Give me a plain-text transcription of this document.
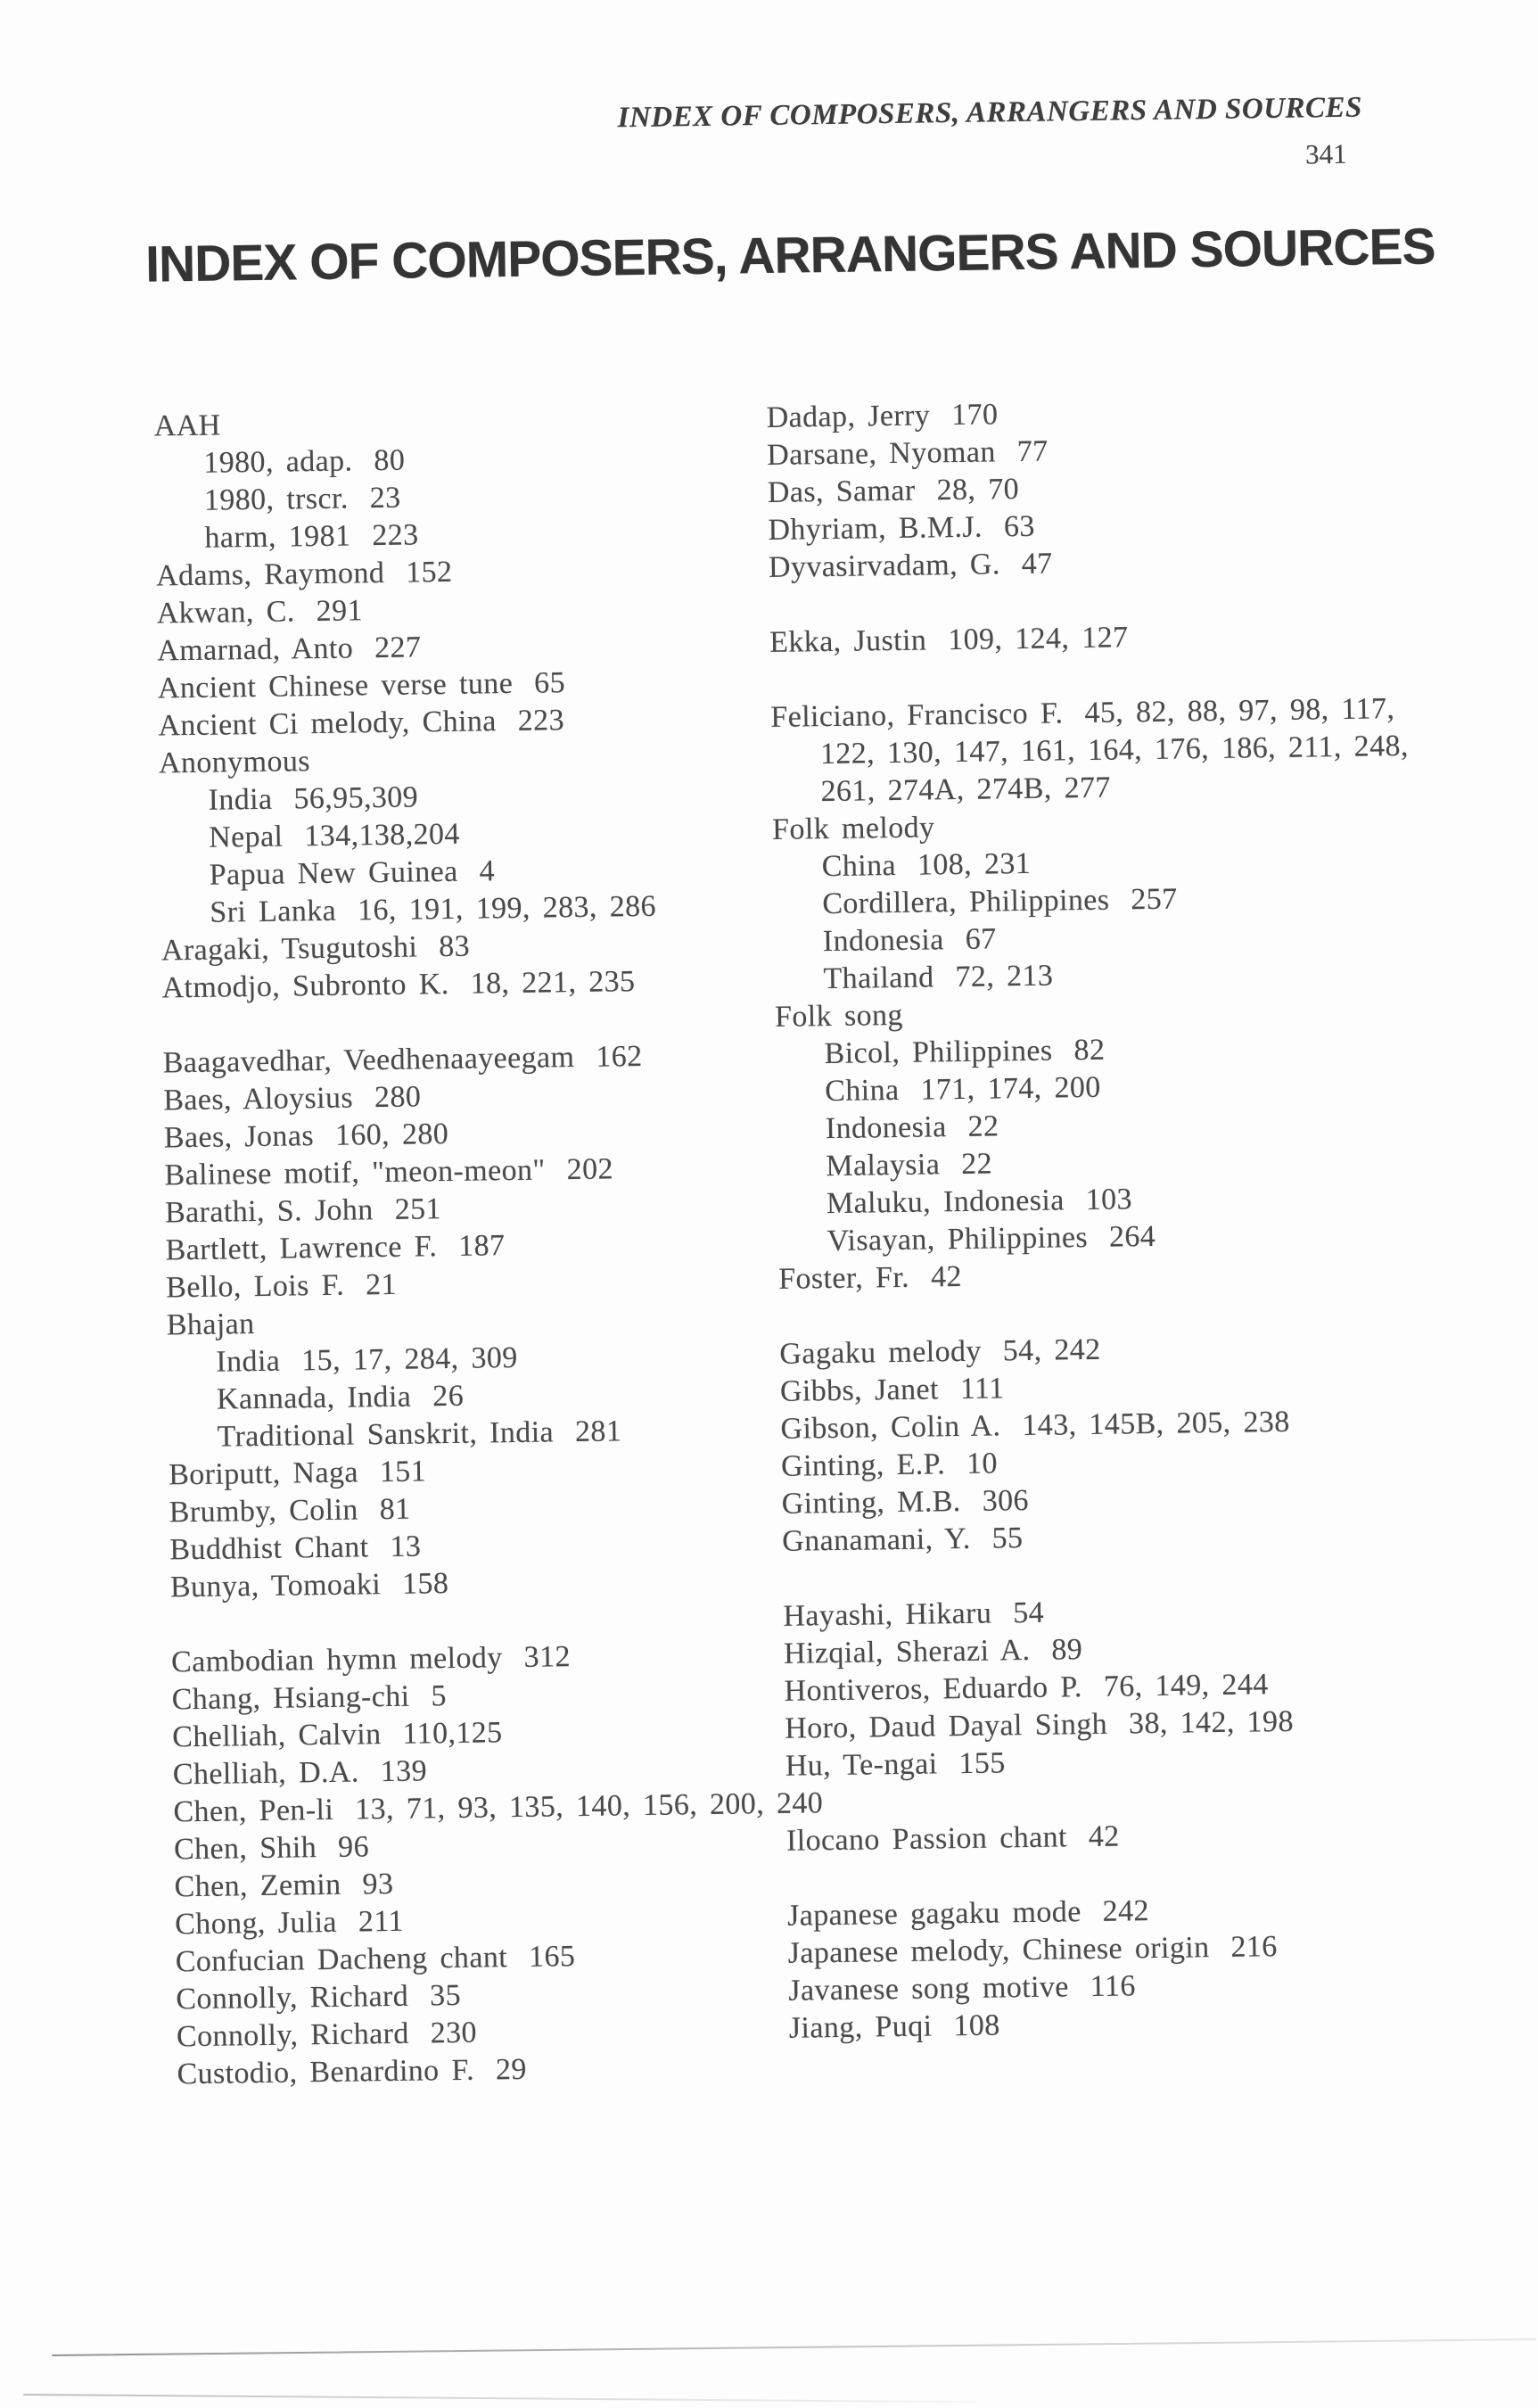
INDEX OF COMPOSERS, ARRANGERS AND SOURCES
341
INDEX OF COMPOSERS, ARRANGERS AND SOURCES
AAH
1980, adap. 80
1980, trscr. 23
harm, 1981 223
Adams, Raymond 152
Akwan, C. 291
Amarnad, Anto 227
Ancient Chinese verse tune 65
Ancient Ci melody, China 223
Anonymous
India 56,95,309
Nepal 134,138,204
Papua New Guinea 4
Sri Lanka 16, 191, 199, 283, 286
Aragaki, Tsugutoshi 83
Atmodjo, Subronto K. 18, 221, 235
Baagavedhar, Veedhenaayeegam 162
Baes, Aloysius 280
Baes, Jonas 160, 280
Balinese motif, "meon-meon" 202
Barathi, S. John 251
Bartlett, Lawrence F. 187
Bello, Lois F. 21
Bhajan
India 15, 17, 284, 309
Kannada, India 26
Traditional Sanskrit, India 281
Boriputt, Naga 151
Brumby, Colin 81
Buddhist Chant 13
Bunya, Tomoaki 158
Cambodian hymn melody 312
Chang, Hsiang-chi 5
Chelliah, Calvin 110,125
Chelliah, D.A. 139
Chen, Pen-li 13, 71, 93, 135, 140, 156, 200, 240
Chen, Shih 96
Chen, Zemin 93
Chong, Julia 211
Confucian Dacheng chant 165
Connolly, Richard 35
Connolly, Richard 230
Custodio, Benardino F. 29
Dadap, Jerry 170
Darsane, Nyoman 77
Das, Samar 28, 70
Dhyriam, B.M.J. 63
Dyvasirvadam, G. 47
Ekka, Justin 109, 124, 127
Feliciano, Francisco F. 45, 82, 88, 97, 98, 117,
122, 130, 147, 161, 164, 176, 186, 211, 248,
261, 274A, 274B, 277
Folk melody
China 108, 231
Cordillera, Philippines 257
Indonesia 67
Thailand 72, 213
Folk song
Bicol, Philippines 82
China 171, 174, 200
Indonesia 22
Malaysia 22
Maluku, Indonesia 103
Visayan, Philippines 264
Foster, Fr. 42
Gagaku melody 54, 242
Gibbs, Janet 111
Gibson, Colin A. 143, 145B, 205, 238
Ginting, E.P. 10
Ginting, M.B. 306
Gnanamani, Y. 55
Hayashi, Hikaru 54
Hizqial, Sherazi A. 89
Hontiveros, Eduardo P. 76, 149, 244
Horo, Daud Dayal Singh 38, 142, 198
Hu, Te-ngai 155
Ilocano Passion chant 42
Japanese gagaku mode 242
Japanese melody, Chinese origin 216
Javanese song motive 116
Jiang, Puqi 108
